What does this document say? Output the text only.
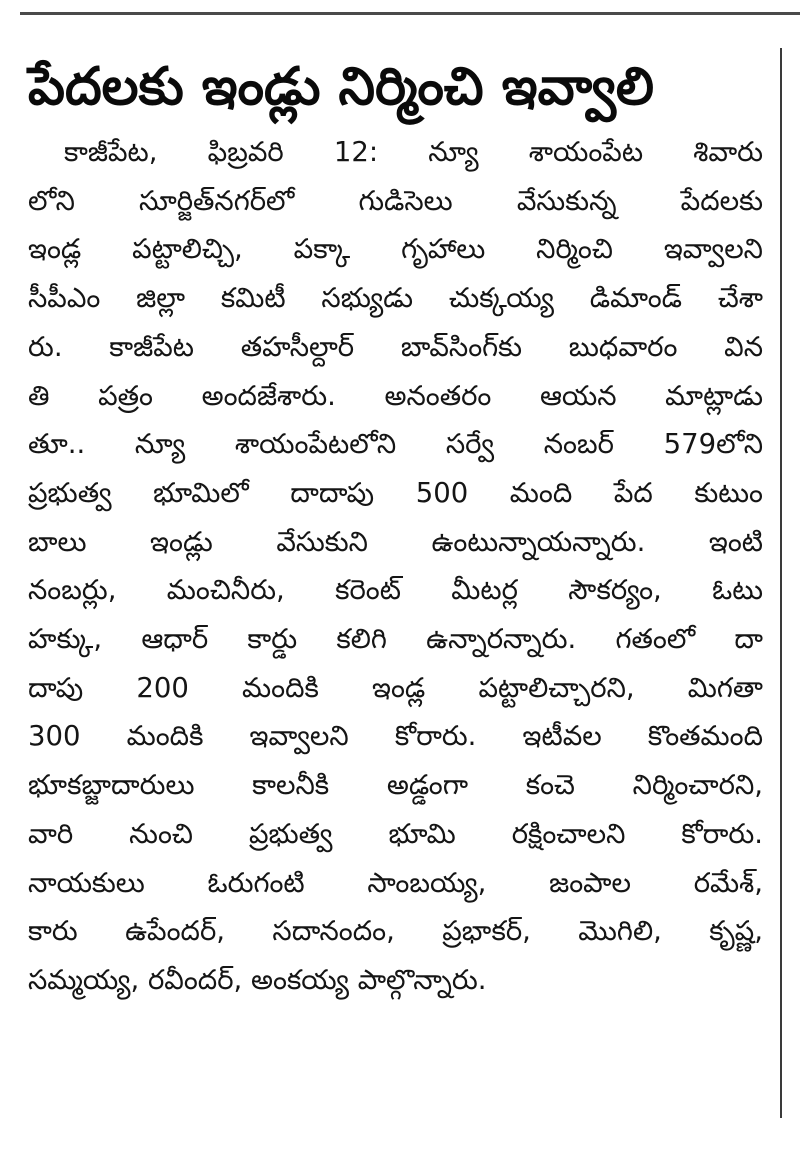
పేదలకు ఇండ్లు నిర్మించి ఇవ్వాలి
కాజీపేట, ఫిబ్రవరి 12: న్యూ శాయంపేట శివారు
లోని సూర్జిత్‌నగర్‌లో గుడిసెలు వేసుకున్న పేదలకు
ఇండ్ల పట్టాలిచ్చి, పక్కా గృహాలు నిర్మించి ఇవ్వాలని
సీపీఎం జిల్లా కమిటీ సభ్యుడు చుక్కయ్య డిమాండ్ చేశా
రు. కాజీపేట తహసీల్దార్ బావ్‌సింగ్‌కు బుధవారం విన
తి పత్రం అందజేశారు. అనంతరం ఆయన మాట్లాడు
తూ.. న్యూ శాయంపేటలోని సర్వే నంబర్ 579లోని
ప్రభుత్వ భూమిలో దాదాపు 500 మంది పేద కుటుం
బాలు ఇండ్లు వేసుకుని ఉంటున్నాయన్నారు. ఇంటి
నంబర్లు, మంచినీరు, కరెంట్ మీటర్ల సౌకర్యం, ఓటు
హక్కు, ఆధార్ కార్డు కలిగి ఉన్నారన్నారు. గతంలో దా
దాపు 200 మందికి ఇండ్ల పట్టాలిచ్చారని, మిగతా
300 మందికి ఇవ్వాలని కోరారు. ఇటీవల కొంతమంది
భూకబ్జాదారులు కాలనీకి అడ్డంగా కంచె నిర్మించారని,
వారి నుంచి ప్రభుత్వ భూమి రక్షించాలని కోరారు.
నాయకులు ఓరుగంటి సాంబయ్య, జంపాల రమేశ్,
కారు ఉపేందర్, సదానందం, ప్రభాకర్, మొగిలి, కృష్ణ,
సమ్మయ్య, రవీందర్, అంకయ్య పాల్గొన్నారు.
